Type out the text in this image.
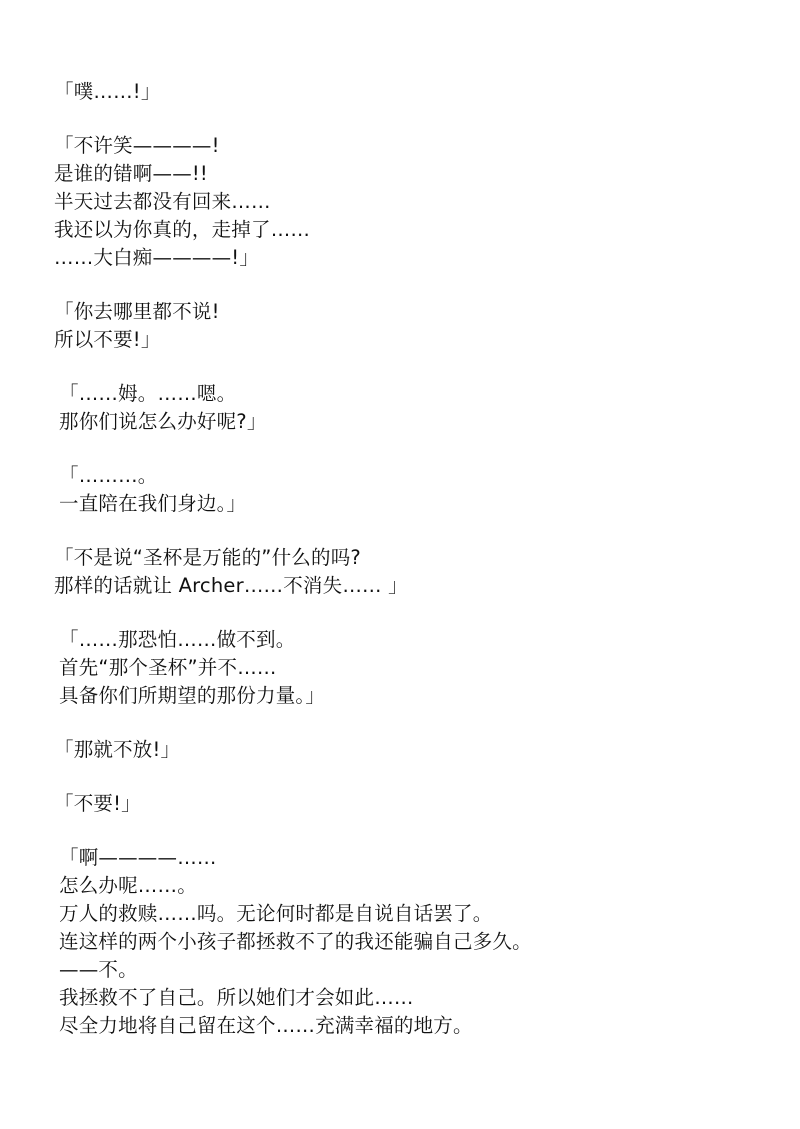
「噗……!」
「不许笑————!
是谁的错啊——!!
半天过去都没有回来……
我还以为你真的，走掉了……
……大白痴————!」
「你去哪里都不说!
所以不要!」
「……姆。……嗯。
那你们说怎么办好呢?」
「………。
一直陪在我们身边。」
「不是说“圣杯是万能的”什么的吗?
那样的话就让 Archer……不消失…… 」
「……那恐怕……做不到。
首先“那个圣杯”并不……
具备你们所期望的那份力量。」
「那就不放!」
「不要!」
「啊————……
怎么办呢……。
万人的救赎……吗。无论何时都是自说自话罢了。
连这样的两个小孩子都拯救不了的我还能骗自己多久。
——不。
我拯救不了自己。所以她们才会如此……
尽全力地将自己留在这个……充满幸福的地方。
